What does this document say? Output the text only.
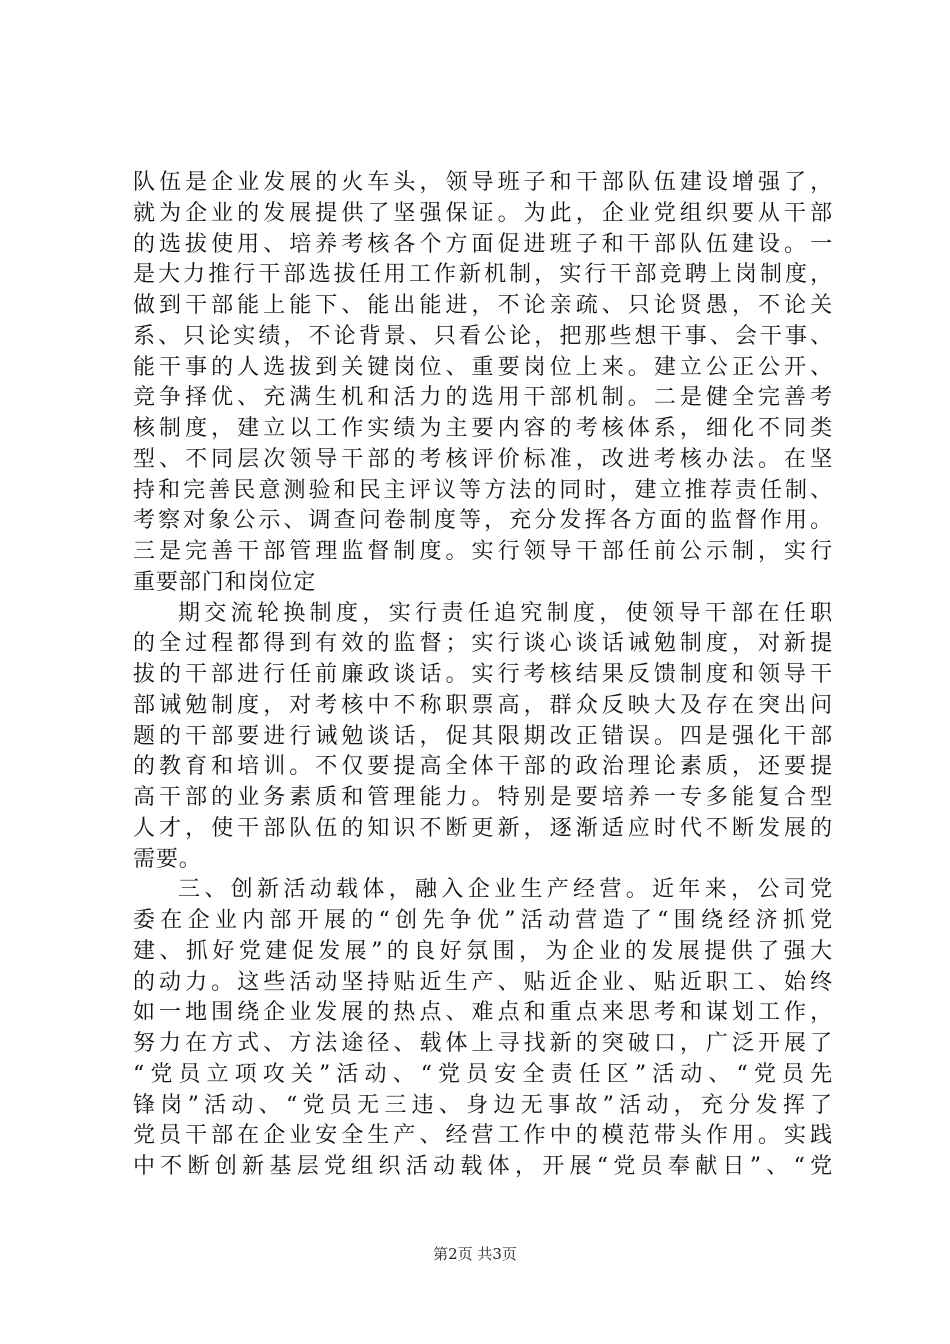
队伍是企业发展的火车头，领导班子和干部队伍建设增强了，
就为企业的发展提供了坚强保证。为此，企业党组织要从干部
的选拔使用、培养考核各个方面促进班子和干部队伍建设。一
是大力推行干部选拔任用工作新机制，实行干部竞聘上岗制度，
做到干部能上能下、能出能进，不论亲疏、只论贤愚，不论关
系、只论实绩，不论背景、只看公论，把那些想干事、会干事、
能干事的人选拔到关键岗位、重要岗位上来。建立公正公开、
竞争择优、充满生机和活力的选用干部机制。二是健全完善考
核制度，建立以工作实绩为主要内容的考核体系，细化不同类
型、不同层次领导干部的考核评价标准，改进考核办法。在坚
持和完善民意测验和民主评议等方法的同时，建立推荐责任制、
考察对象公示、调查问卷制度等，充分发挥各方面的监督作用。
三是完善干部管理监督制度。实行领导干部任前公示制，实行
重要部门和岗位定
期交流轮换制度，实行责任追究制度，使领导干部在任职
的全过程都得到有效的监督；实行谈心谈话诫勉制度，对新提
拔的干部进行任前廉政谈话。实行考核结果反馈制度和领导干
部诫勉制度，对考核中不称职票高，群众反映大及存在突出问
题的干部要进行诫勉谈话，促其限期改正错误。四是强化干部
的教育和培训。不仅要提高全体干部的政治理论素质，还要提
高干部的业务素质和管理能力。特别是要培养一专多能复合型
人才，使干部队伍的知识不断更新，逐渐适应时代不断发展的
需要。
三、创新活动载体，融入企业生产经营。近年来，公司党
委在企业内部开展的“创先争优”活动营造了“围绕经济抓党
建、抓好党建促发展”的良好氛围，为企业的发展提供了强大
的动力。这些活动坚持贴近生产、贴近企业、贴近职工、始终
如一地围绕企业发展的热点、难点和重点来思考和谋划工作，
努力在方式、方法途径、载体上寻找新的突破口，广泛开展了
“党员立项攻关”活动、“党员安全责任区”活动、“党员先
锋岗”活动、“党员无三违、身边无事故”活动，充分发挥了
党员干部在企业安全生产、经营工作中的模范带头作用。实践
中不断创新基层党组织活动载体，开展“党员奉献日”、“党
第2页 共3页
